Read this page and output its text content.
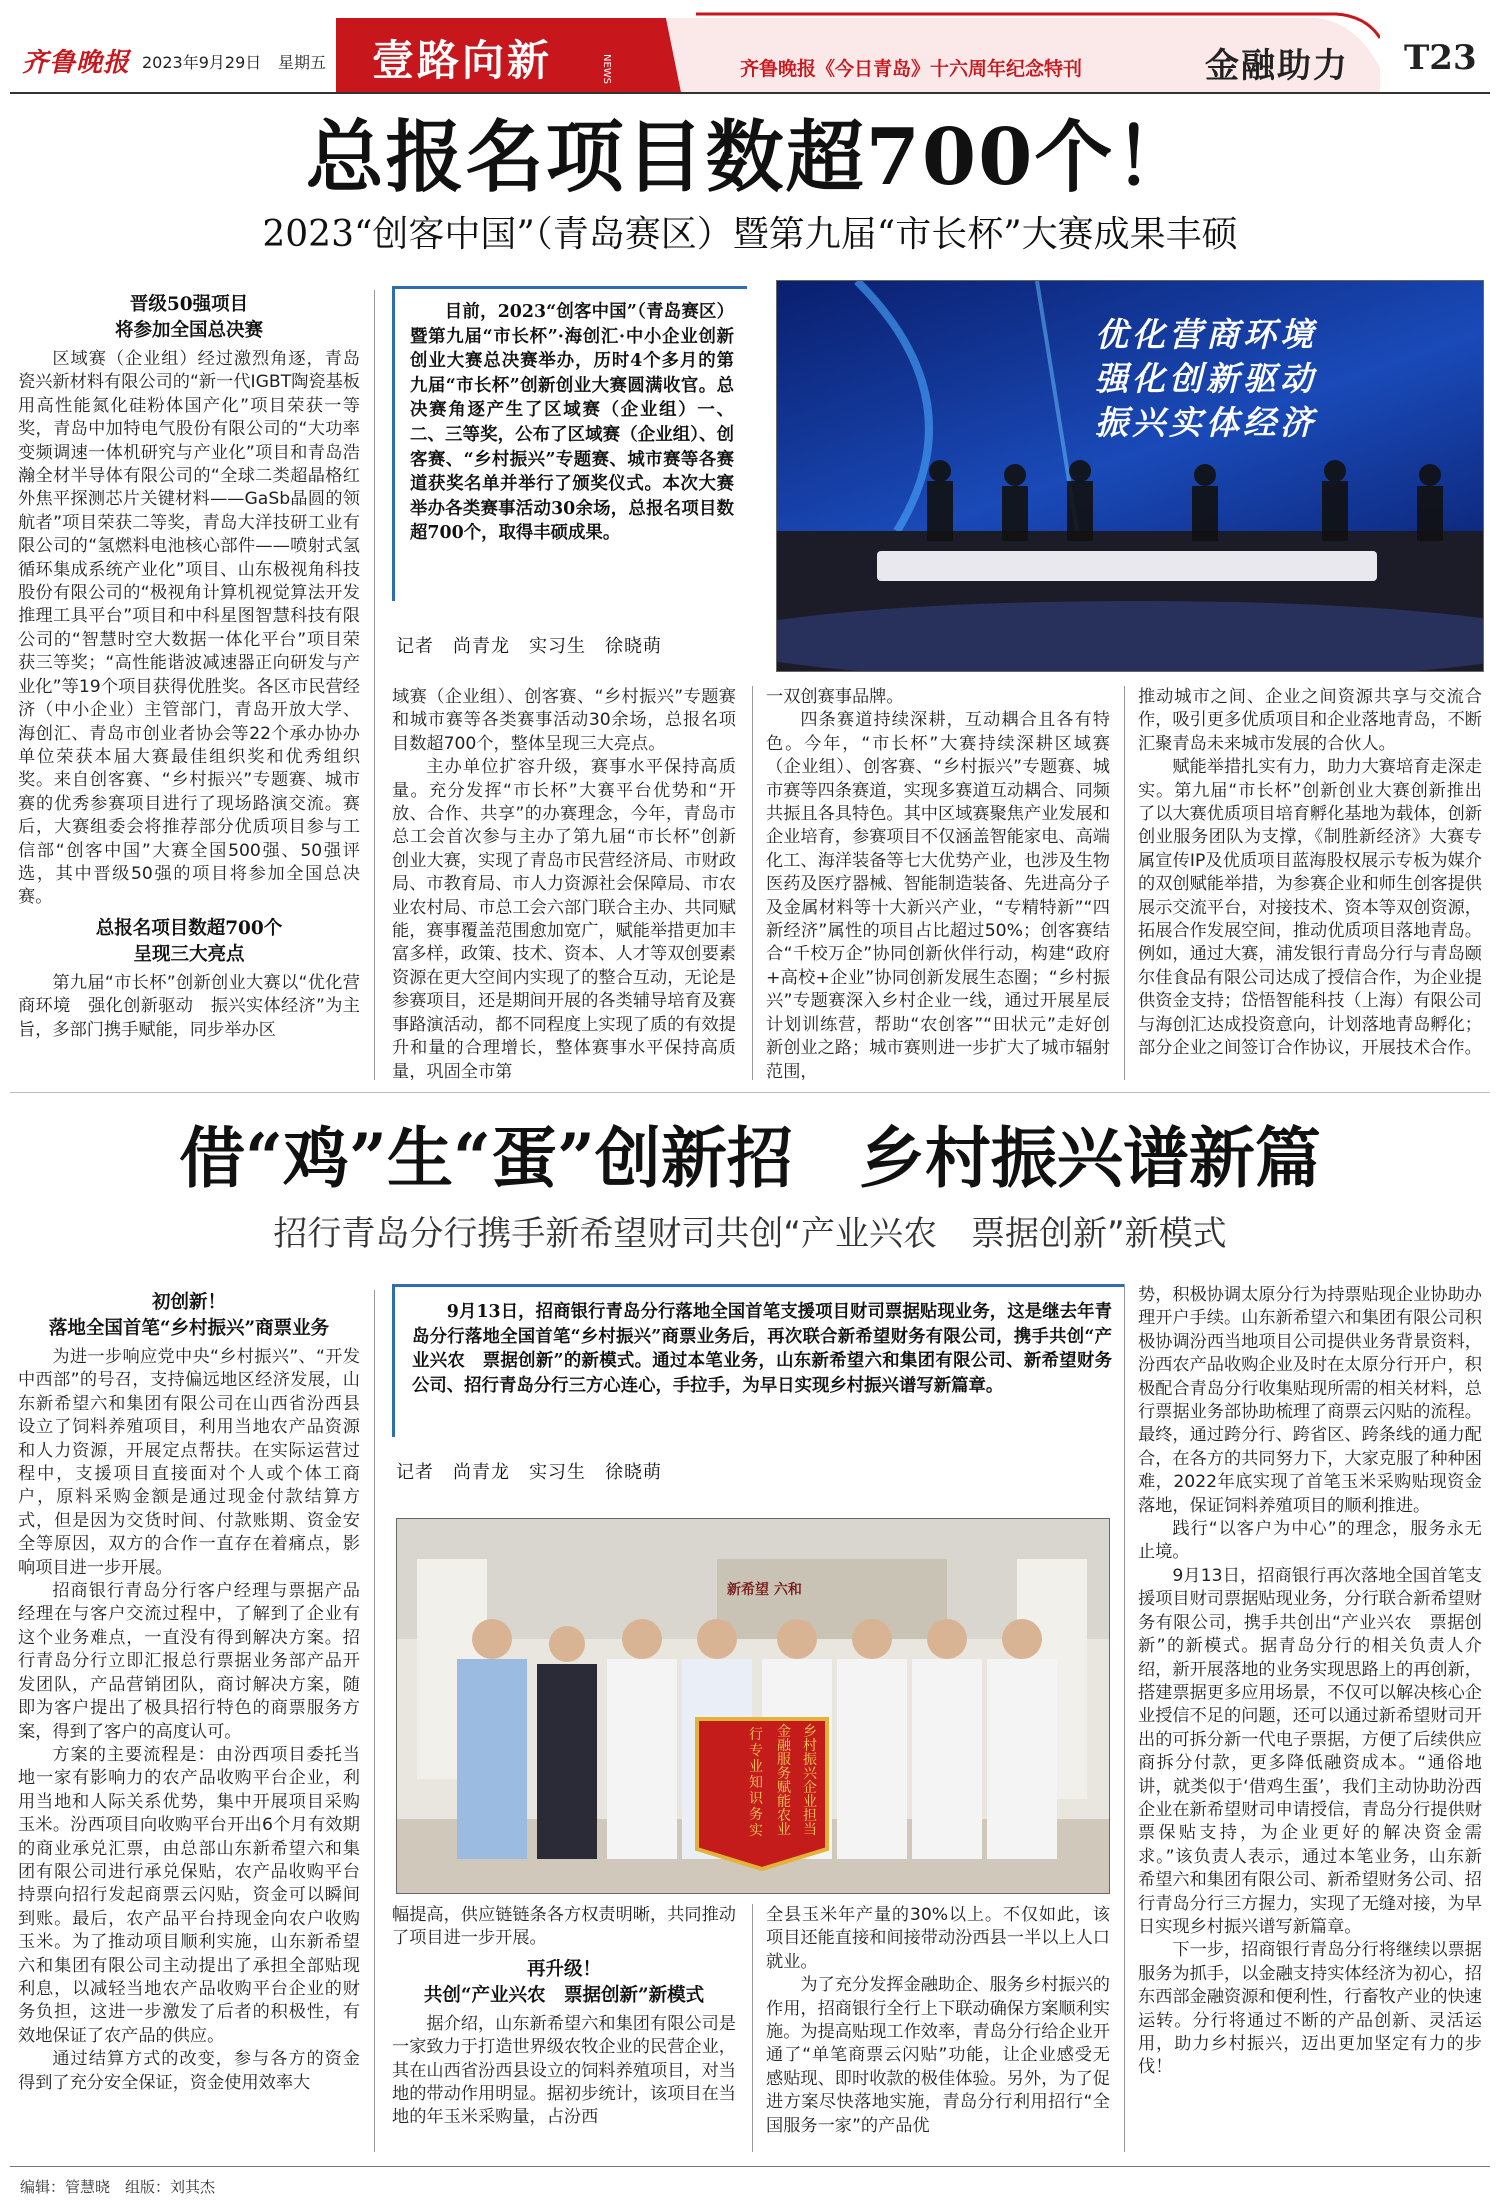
齐鲁晚报 2023年9月29日 星期五 壹路向新	NEWS	齐鲁晚报《今日青岛》十六周年纪念特刊	金融助力 T23
总报名项目数超700个！
2023“创客中国”（青岛赛区）暨第九届“市长杯”大赛成果丰硕
晋级50强项目
将参加全国总决赛

区域赛（企业组）经过激烈角逐，青岛瓷兴新材料有限公司的“新一代IGBT陶瓷基板用高性能氮化硅粉体国产化”项目荣获一等奖，青岛中加特电气股份有限公司的“大功率变频调速一体机研究与产业化”项目和青岛浩瀚全材半导体有限公司的“全球二类超晶格红外焦平探测芯片关键材料——GaSb晶圆的领航者”项目荣获二等奖，青岛大洋技研工业有限公司的“氢燃料电池核心部件——喷射式氢循环集成系统产业化”项目、山东极视角科技股份有限公司的“极视角计算机视觉算法开发推理工具平台”项目和中科星图智慧科技有限公司的“智慧时空大数据一体化平台”项目荣获三等奖；“高性能谐波减速器正向研发与产业化”等19个项目获得优胜奖。各区市民营经济（中小企业）主管部门，青岛开放大学、海创汇、青岛市创业者协会等22个承办协办单位荣获本届大赛最佳组织奖和优秀组织奖。来自创客赛、“乡村振兴”专题赛、城市赛的优秀参赛项目进行了现场路演交流。赛后，大赛组委会将推荐部分优质项目参与工信部“创客中国”大赛全国500强、50强评选，其中晋级50强的项目将参加全国总决赛。

总报名项目数超700个
呈现三大亮点

第九届“市长杯”创新创业大赛以“优化营商环境　强化创新驱动　振兴实体经济”为主旨，多部门携手赋能，同步举办区

目前，2023“创客中国”（青岛赛区）暨第九届“市长杯”·海创汇·中小企业创新创业大赛总决赛举办，历时4个多月的第九届“市长杯”创新创业大赛圆满收官。总决赛角逐产生了区域赛（企业组）一、二、三等奖，公布了区域赛（企业组）、创客赛、“乡村振兴”专题赛、城市赛等各赛道获奖名单并举行了颁奖仪式。本次大赛举办各类赛事活动30余场，总报名项目数超700个，取得丰硕成果。

记者　尚青龙　实习生　徐晓萌
优化营商环境
强化创新驱动
振兴实体经济

域赛（企业组）、创客赛、“乡村振兴”专题赛和城市赛等各类赛事活动30余场，总报名项目数超700个，整体呈现三大亮点。

主办单位扩容升级，赛事水平保持高质量。充分发挥“市长杯”大赛平台优势和“开放、合作、共享”的办赛理念，今年，青岛市总工会首次参与主办了第九届“市长杯”创新创业大赛，实现了青岛市民营经济局、市财政局、市教育局、市人力资源社会保障局、市农业农村局、市总工会六部门联合主办、共同赋能，赛事覆盖范围愈加宽广，赋能举措更加丰富多样，政策、技术、资本、人才等双创要素资源在更大空间内实现了的整合互动，无论是参赛项目，还是期间开展的各类辅导培育及赛事路演活动，都不同程度上实现了质的有效提升和量的合理增长，整体赛事水平保持高质量，巩固全市第

一双创赛事品牌。

四条赛道持续深耕，互动耦合且各有特色。今年，“市长杯”大赛持续深耕区域赛（企业组）、创客赛、“乡村振兴”专题赛、城市赛等四条赛道，实现多赛道互动耦合、同频共振且各具特色。其中区域赛聚焦产业发展和企业培育，参赛项目不仅涵盖智能家电、高端化工、海洋装备等七大优势产业，也涉及生物医药及医疗器械、智能制造装备、先进高分子及金属材料等十大新兴产业，“专精特新”“四新经济”属性的项目占比超过50%；创客赛结合“千校万企”协同创新伙伴行动，构建“政府+高校+企业”协同创新发展生态圈；“乡村振兴”专题赛深入乡村企业一线，通过开展星辰计划训练营，帮助“农创客”“田状元”走好创新创业之路；城市赛则进一步扩大了城市辐射范围，

推动城市之间、企业之间资源共享与交流合作，吸引更多优质项目和企业落地青岛，不断汇聚青岛未来城市发展的合伙人。

赋能举措扎实有力，助力大赛培育走深走实。第九届“市长杯”创新创业大赛创新推出了以大赛优质项目培育孵化基地为载体，创新创业服务团队为支撑，《制胜新经济》大赛专属宣传IP及优质项目蓝海股权展示专板为媒介的双创赋能举措，为参赛企业和师生创客提供展示交流平台，对接技术、资本等双创资源，拓展合作发展空间，推动优质项目落地青岛。例如，通过大赛，浦发银行青岛分行与青岛颐尔佳食品有限公司达成了授信合作，为企业提供资金支持；岱悟智能科技（上海）有限公司与海创汇达成投资意向，计划落地青岛孵化；部分企业之间签订合作协议，开展技术合作。

借“鸡”生“蛋”创新招　乡村振兴谱新篇
招行青岛分行携手新希望财司共创“产业兴农　票据创新”新模式
初创新！
落地全国首笔“乡村振兴”商票业务

为进一步响应党中央“乡村振兴”、“开发中西部”的号召，支持偏远地区经济发展，山东新希望六和集团有限公司在山西省汾西县设立了饲料养殖项目，利用当地农产品资源和人力资源，开展定点帮扶。在实际运营过程中，支援项目直接面对个人或个体工商户，原料采购金额是通过现金付款结算方式，但是因为交货时间、付款账期、资金安全等原因，双方的合作一直存在着痛点，影响项目进一步开展。

招商银行青岛分行客户经理与票据产品经理在与客户交流过程中，了解到了企业有这个业务难点，一直没有得到解决方案。招行青岛分行立即汇报总行票据业务部产品开发团队，产品营销团队，商讨解决方案，随即为客户提出了极具招行特色的商票服务方案，得到了客户的高度认可。

方案的主要流程是：由汾西项目委托当地一家有影响力的农产品收购平台企业，利用当地和人际关系优势，集中开展项目采购玉米。汾西项目向收购平台开出6个月有效期的商业承兑汇票，由总部山东新希望六和集团有限公司进行承兑保贴，农产品收购平台持票向招行发起商票云闪贴，资金可以瞬间到账。最后，农产品平台持现金向农户收购玉米。为了推动项目顺利实施，山东新希望六和集团有限公司主动提出了承担全部贴现利息，以减轻当地农产品收购平台企业的财务负担，这进一步激发了后者的积极性，有效地保证了农产品的供应。

通过结算方式的改变，参与各方的资金得到了充分安全保证，资金使用效率大

9月13日，招商银行青岛分行落地全国首笔支援项目财司票据贴现业务，这是继去年青岛分行落地全国首笔“乡村振兴”商票业务后，再次联合新希望财务有限公司，携手共创“产业兴农　票据创新”的新模式。通过本笔业务，山东新希望六和集团有限公司、新希望财务公司、招行青岛分行三方心连心，手拉手，为早日实现乡村振兴谱写新篇章。

记者　尚青龙　实习生　徐晓萌
行专业知识务实
金融服务赋能农业
乡村振兴企业担当
新希望 六和

幅提高，供应链链条各方权责明晰，共同推动了项目进一步开展。

再升级！
共创“产业兴农　票据创新”新模式

据介绍，山东新希望六和集团有限公司是一家致力于打造世界级农牧企业的民营企业，其在山西省汾西县设立的饲料养殖项目，对当地的带动作用明显。据初步统计，该项目在当地的年玉米采购量，占汾西

全县玉米年产量的30%以上。不仅如此，该项目还能直接和间接带动汾西县一半以上人口就业。

为了充分发挥金融助企、服务乡村振兴的作用，招商银行全行上下联动确保方案顺利实施。为提高贴现工作效率，青岛分行给企业开通了“单笔商票云闪贴”功能，让企业感受无感贴现、即时收款的极佳体验。另外，为了促进方案尽快落地实施，青岛分行利用招行“全国服务一家”的产品优

势，积极协调太原分行为持票贴现企业协助办理开户手续。山东新希望六和集团有限公司积极协调汾西当地项目公司提供业务背景资料，汾西农产品收购企业及时在太原分行开户，积极配合青岛分行收集贴现所需的相关材料，总行票据业务部协助梳理了商票云闪贴的流程。最终，通过跨分行、跨省区、跨条线的通力配合，在各方的共同努力下，大家克服了种种困难，2022年底实现了首笔玉米采购贴现资金落地，保证饲料养殖项目的顺利推进。

践行“以客户为中心”的理念，服务永无止境。

9月13日，招商银行再次落地全国首笔支援项目财司票据贴现业务，分行联合新希望财务有限公司，携手共创出“产业兴农　票据创新”的新模式。据青岛分行的相关负责人介绍，新开展落地的业务实现思路上的再创新，搭建票据更多应用场景，不仅可以解决核心企业授信不足的问题，还可以通过新希望财司开出的可拆分新一代电子票据，方便了后续供应商拆分付款，更多降低融资成本。“通俗地讲，就类似于‘借鸡生蛋’，我们主动协助汾西企业在新希望财司申请授信，青岛分行提供财票保贴支持，为企业更好的解决资金需求。”该负责人表示，通过本笔业务，山东新希望六和集团有限公司、新希望财务公司、招行青岛分行三方握力，实现了无缝对接，为早日实现乡村振兴谱写新篇章。

下一步，招商银行青岛分行将继续以票据服务为抓手，以金融支持实体经济为初心，招东西部金融资源和便利性，行畜牧产业的快速运转。分行将通过不断的产品创新、灵活运用，助力乡村振兴，迈出更加坚定有力的步伐！

编辑：管慧晓　组版：刘其杰
